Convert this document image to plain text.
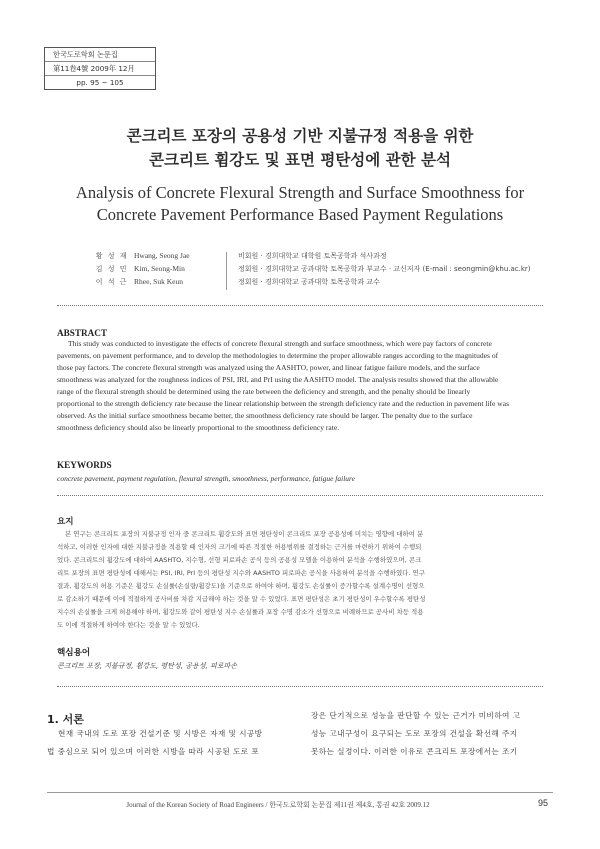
한국도로학회 논문집
第11卷4號 2009年 12月
pp. 95 ~ 105
콘크리트 포장의 공용성 기반 지불규정 적용을 위한
콘크리트 휨강도 및 표면 평탄성에 관한 분석
Analysis of Concrete Flexural Strength and Surface Smoothness for
Concrete Pavement Performance Based Payment Regulations
황 성 재 Hwang, Seong Jae	비회원 · 경희대학교 대학원 토목공학과 석사과정
김 성 민 Kim, Seong-Min	정회원 · 경희대학교 공과대학 토목공학과 부교수 · 교신저자 (E-mail : seongmin@khu.ac.kr)
이 석 근 Rhee, Suk Keun	정회원 · 경희대학교 공과대학 토목공학과 교수
ABSTRACT
This study was conducted to investigate the effects of concrete flexural strength and surface smoothness, which were pay factors of concrete
pavements, on pavement performance, and to develop the methodologies to determine the proper allowable ranges according to the magnitudes of
those pay factors. The concrete flexural strength was analyzed using the AASHTO, power, and linear fatigue failure models, and the surface
smoothness was analyzed for the roughness indices of PSI, IRI, and PrI using the AASHTO model. The analysis results showed that the allowable
range of the flexural strength should be determined using the rate between the deficiency and strength, and the penalty should be linearly
proportional to the strength deficiency rate because the linear relationship between the strength deficiency rate and the reduction in pavement life was
observed. As the initial surface smoothness became better, the smoothness deficiency rate should be larger. The penalty due to the surface
smoothness deficiency should also be linearly proportional to the smoothness deficiency rate.
KEYWORDS
concrete pavement, payment regulation, flexural strength, smoothness, performance, fatigue failure
요지
본 연구는 콘크리트 포장의 지불규정 인자 중 콘크리트 휨강도와 표면 평탄성이 콘크리트 포장 공용성에 미치는 영향에 대하여 분
석하고, 이러한 인자에 대한 지불규정을 적용할 때 인자의 크기에 따른 적절한 허용범위를 결정하는 근거를 마련하기 위하여 수행되
었다. 콘크리트의 휨강도에 대하여 AASHTO, 지수형, 선형 피로파손 공식 등의 공용성 모델을 이용하여 분석을 수행하였으며, 콘크
리트 포장의 표면 평탄성에 대해서는 PSI, IRI, PrI 등의 평탄성 지수와 AASHTO 피로파손 공식을 사용하여 분석을 수행하였다. 연구
결과, 휨강도의 허용 기준은 휨강도 손실률(손실량/휨강도)을 기준으로 하여야 하며, 휨강도 손실률이 증가할수록 설계수명이 선형으
로 감소하기 때문에 이에 적절하게 공사비를 차감 지급해야 하는 것을 알 수 있었다. 표면 평탄성은 초기 평탄성이 우수할수록 평탄성
지수의 손실률을 크게 허용해야 하며, 휨강도와 같이 평탄성 지수 손실률과 포장 수명 감소가 선형으로 비례하므로 공사비 차등 적용
도 이에 적절하게 하여야 한다는 것을 알 수 있었다.
핵심용어
콘크리트 포장, 지불규정, 휨강도, 평탄성, 공용성, 피로파손
1. 서론
현재 국내의 도로 포장 건설기준 및 시방은 자재 및 시공방
법 중심으로 되어 있으며 이러한 시방을 따라 시공된 도로 포
장은 단기적으로 성능을 판단할 수 있는 근거가 미비하여 고
성능 고내구성이 요구되는 도로 포장의 건설을 확선해 주지
못하는 실정이다. 이러한 이유로 콘크리트 포장에서는 조기
Journal of the Korean Society of Road Engineers / 한국도로학회 논문집 제11권 제4호, 통권 42호 2009.12	95
